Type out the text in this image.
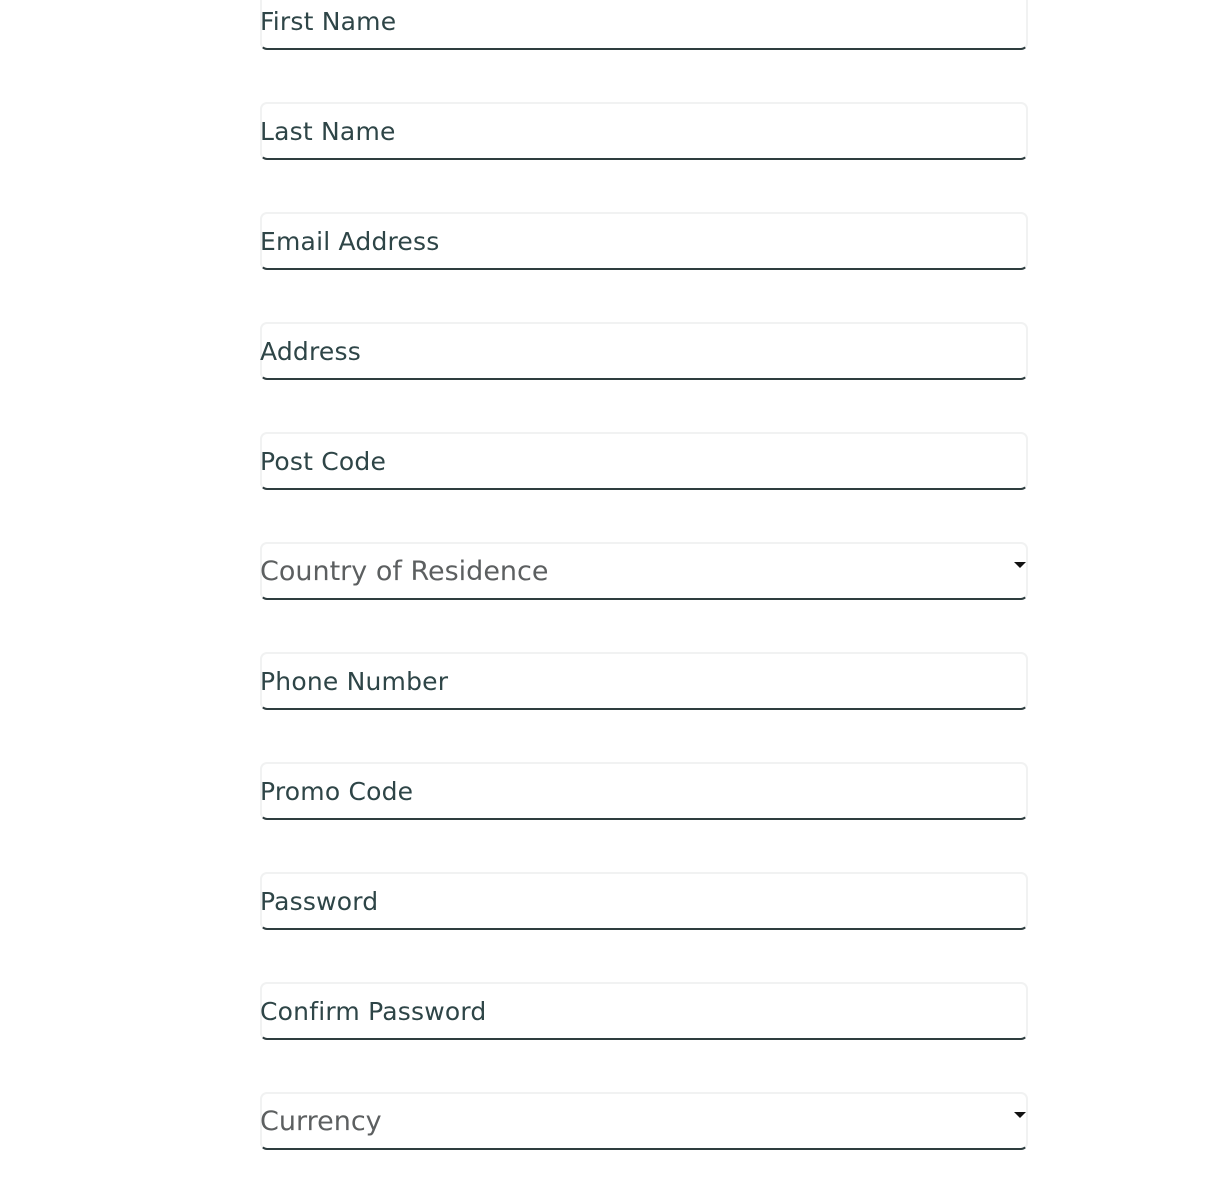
First Name
Last Name
Email Address
Address
Post Code
Country of Residence
Phone Number
Promo Code
Currency
